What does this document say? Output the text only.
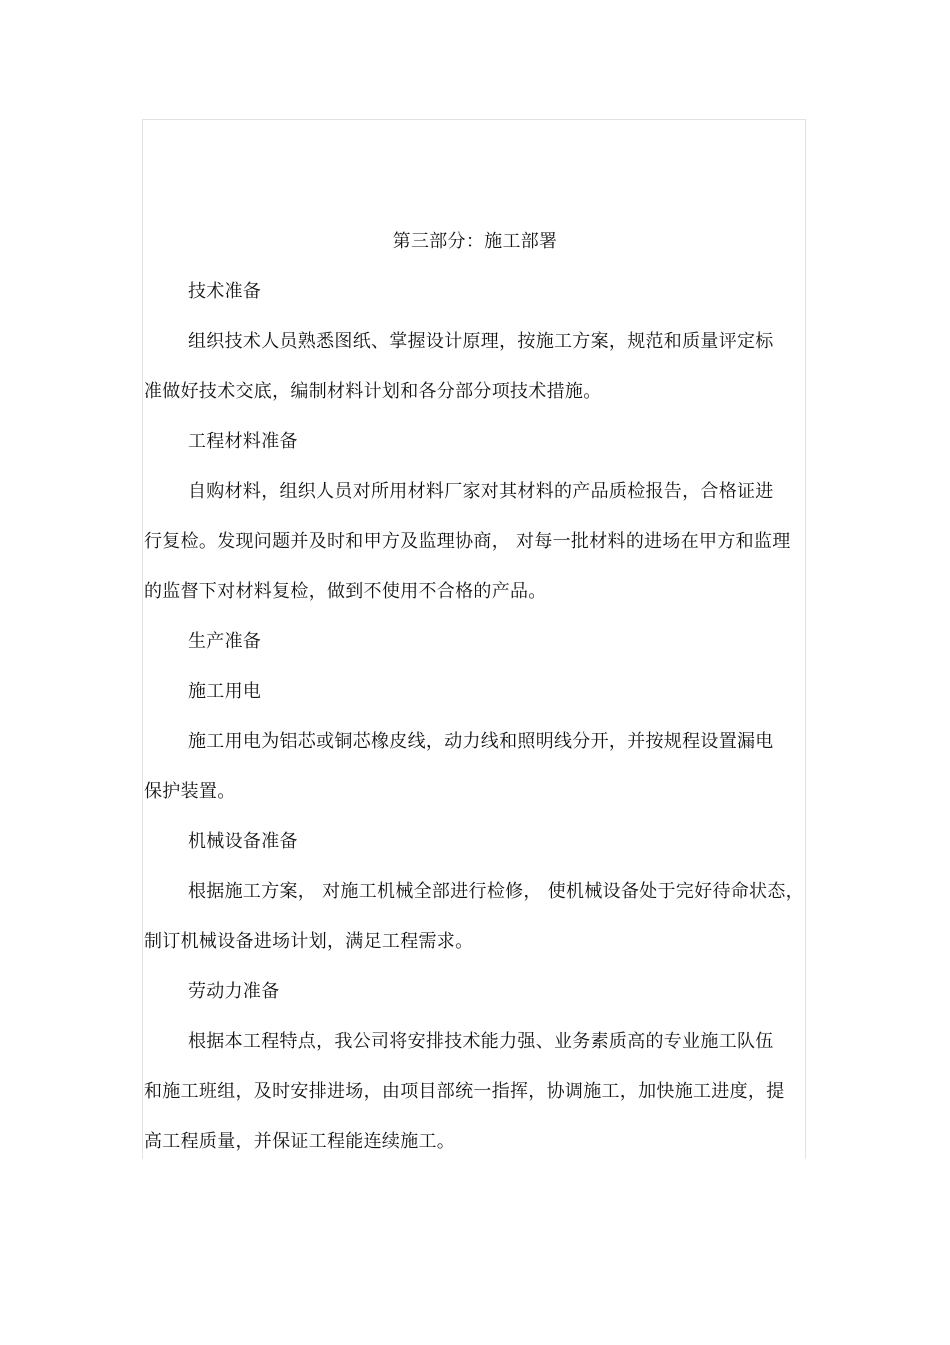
第三部分：施工部署
技术准备
组织技术人员熟悉图纸、掌握设计原理，按施工方案，规范和质量评定标
准做好技术交底，编制材料计划和各分部分项技术措施。
工程材料准备
自购材料，组织人员对所用材料厂家对其材料的产品质检报告，合格证进
行复检。发现问题并及时和甲方及监理协商， 对每一批材料的进场在甲方和监理
的监督下对材料复检，做到不使用不合格的产品。
生产准备
施工用电
施工用电为铝芯或铜芯橡皮线，动力线和照明线分开，并按规程设置漏电
保护装置。
机械设备准备
根据施工方案， 对施工机械全部进行检修， 使机械设备处于完好待命状态，
制订机械设备进场计划，满足工程需求。
劳动力准备
根据本工程特点，我公司将安排技术能力强、业务素质高的专业施工队伍
和施工班组，及时安排进场，由项目部统一指挥，协调施工，加快施工进度，提
高工程质量，并保证工程能连续施工。
